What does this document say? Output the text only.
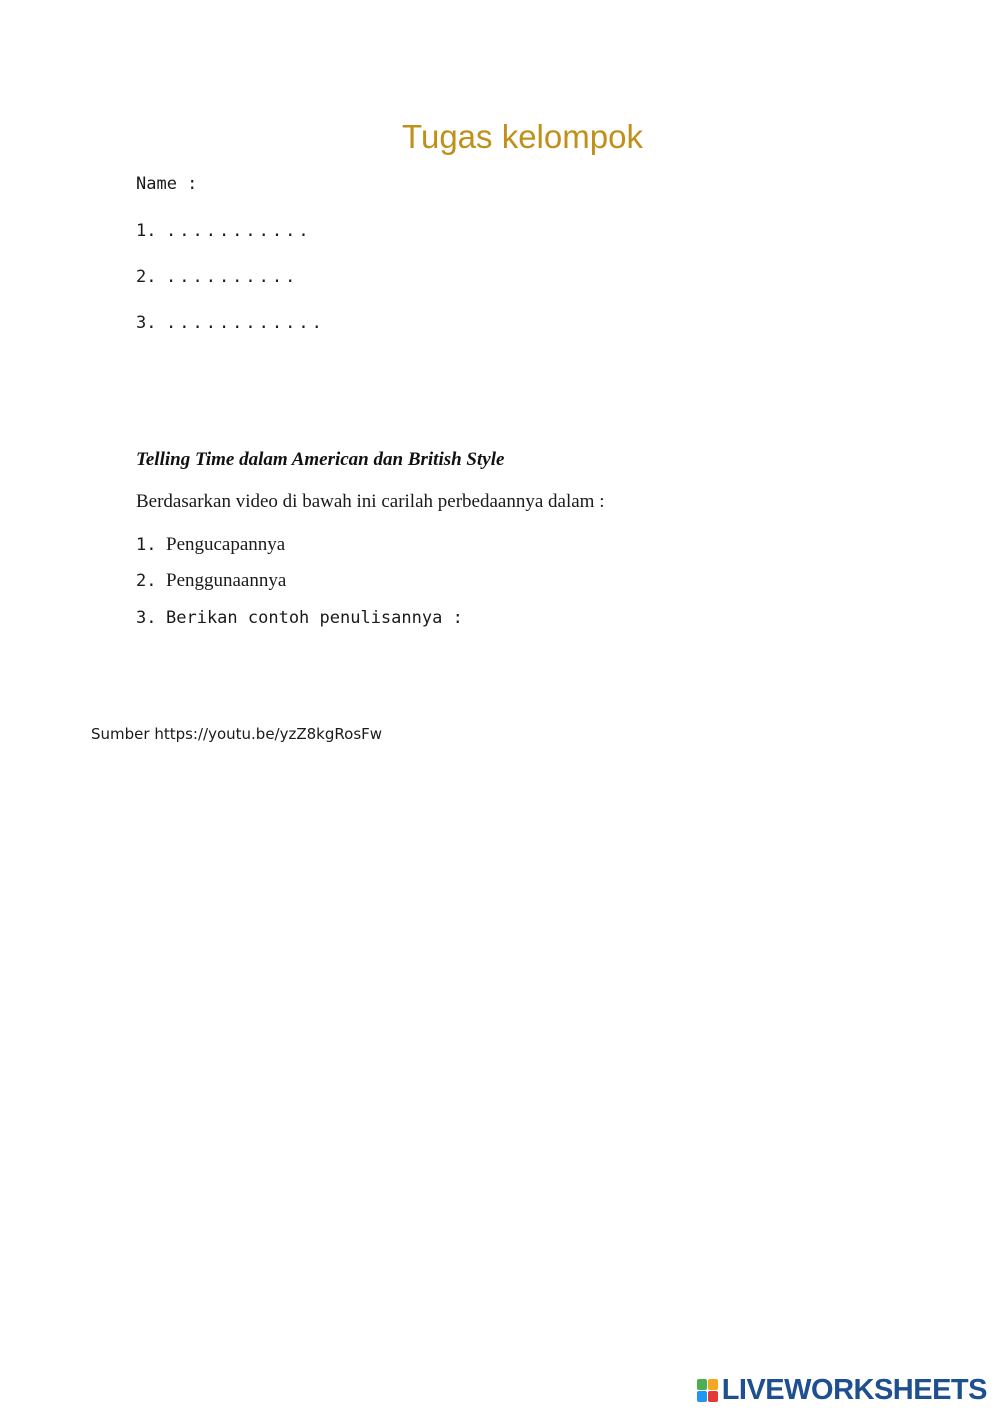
Tugas kelompok
Name :
1. ...........
2. ..........
3. ............
Telling Time dalam American dan British Style
Berdasarkan video di bawah ini carilah perbedaannya dalam :
1. Pengucapannya
2. Penggunaannya
3. Berikan contoh penulisannya :
Sumber https://youtu.be/yzZ8kgRosFw
LIVEWORKSHEETS
